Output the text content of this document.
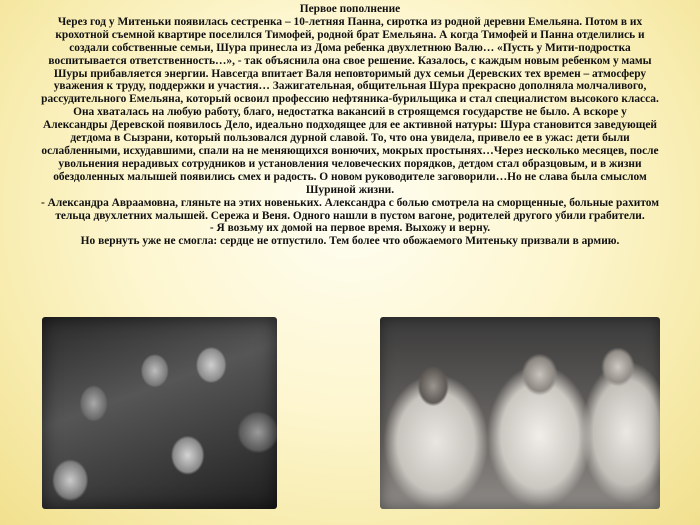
Первое пополнение

Через год у Митеньки появилась сестренка – 10-летняя Панна, сиротка из родной деревни Емельяна. Потом в их крохотной съемной квартире поселился Тимофей, родной брат Емельяна. А когда Тимофей и Панна отделились и создали собственные семьи, Шура принесла из Дома ребенка двухлетнюю Валю… «Пусть у Мити-подростка воспитывается ответственность…», - так объяснила она свое решение. Казалось, с каждым новым ребенком у мамы Шуры прибавляется энергии. Навсегда впитает Валя неповторимый дух семьи Деревских тех времен – атмосферу уважения к труду, поддержки и участия… Зажигательная, общительная Шура прекрасно дополняла молчаливого, рассудительного Емельяна, который освоил профессию нефтяника-бурильщика и стал специалистом высокого класса. Она хваталась на любую работу, благо, недостатка вакансий в строящемся государстве не было. А вскоре у Александры Деревской появилось Дело, идеально подходящее для ее активной натуры: Шура становится заведующей детдома в Сызрани, который пользовался дурной славой. То, что она увидела, привело ее в ужас: дети были ослабленными, исхудавшими, спали на не меняющихся вонючих, мокрых простынях…Через несколько месяцев, после увольнения нерадивых сотрудников и установления человеческих порядков, детдом стал образцовым, и в жизни обездоленных малышей появились смех и радость. О новом руководителе заговорили…Но не слава была смыслом Шуриной жизни.

- Александра Авраамовна, гляньте на этих новеньких. Александра с болью смотрела на сморщенные, больные рахитом тельца двухлетних малышей. Сережа и Веня. Одного нашли в пустом вагоне, родителей другого убили грабители.

- Я возьму их домой на первое время. Выхожу и верну.

Но вернуть уже не смогла: сердце не отпустило. Тем более что обожаемого Митеньку призвали в армию.
